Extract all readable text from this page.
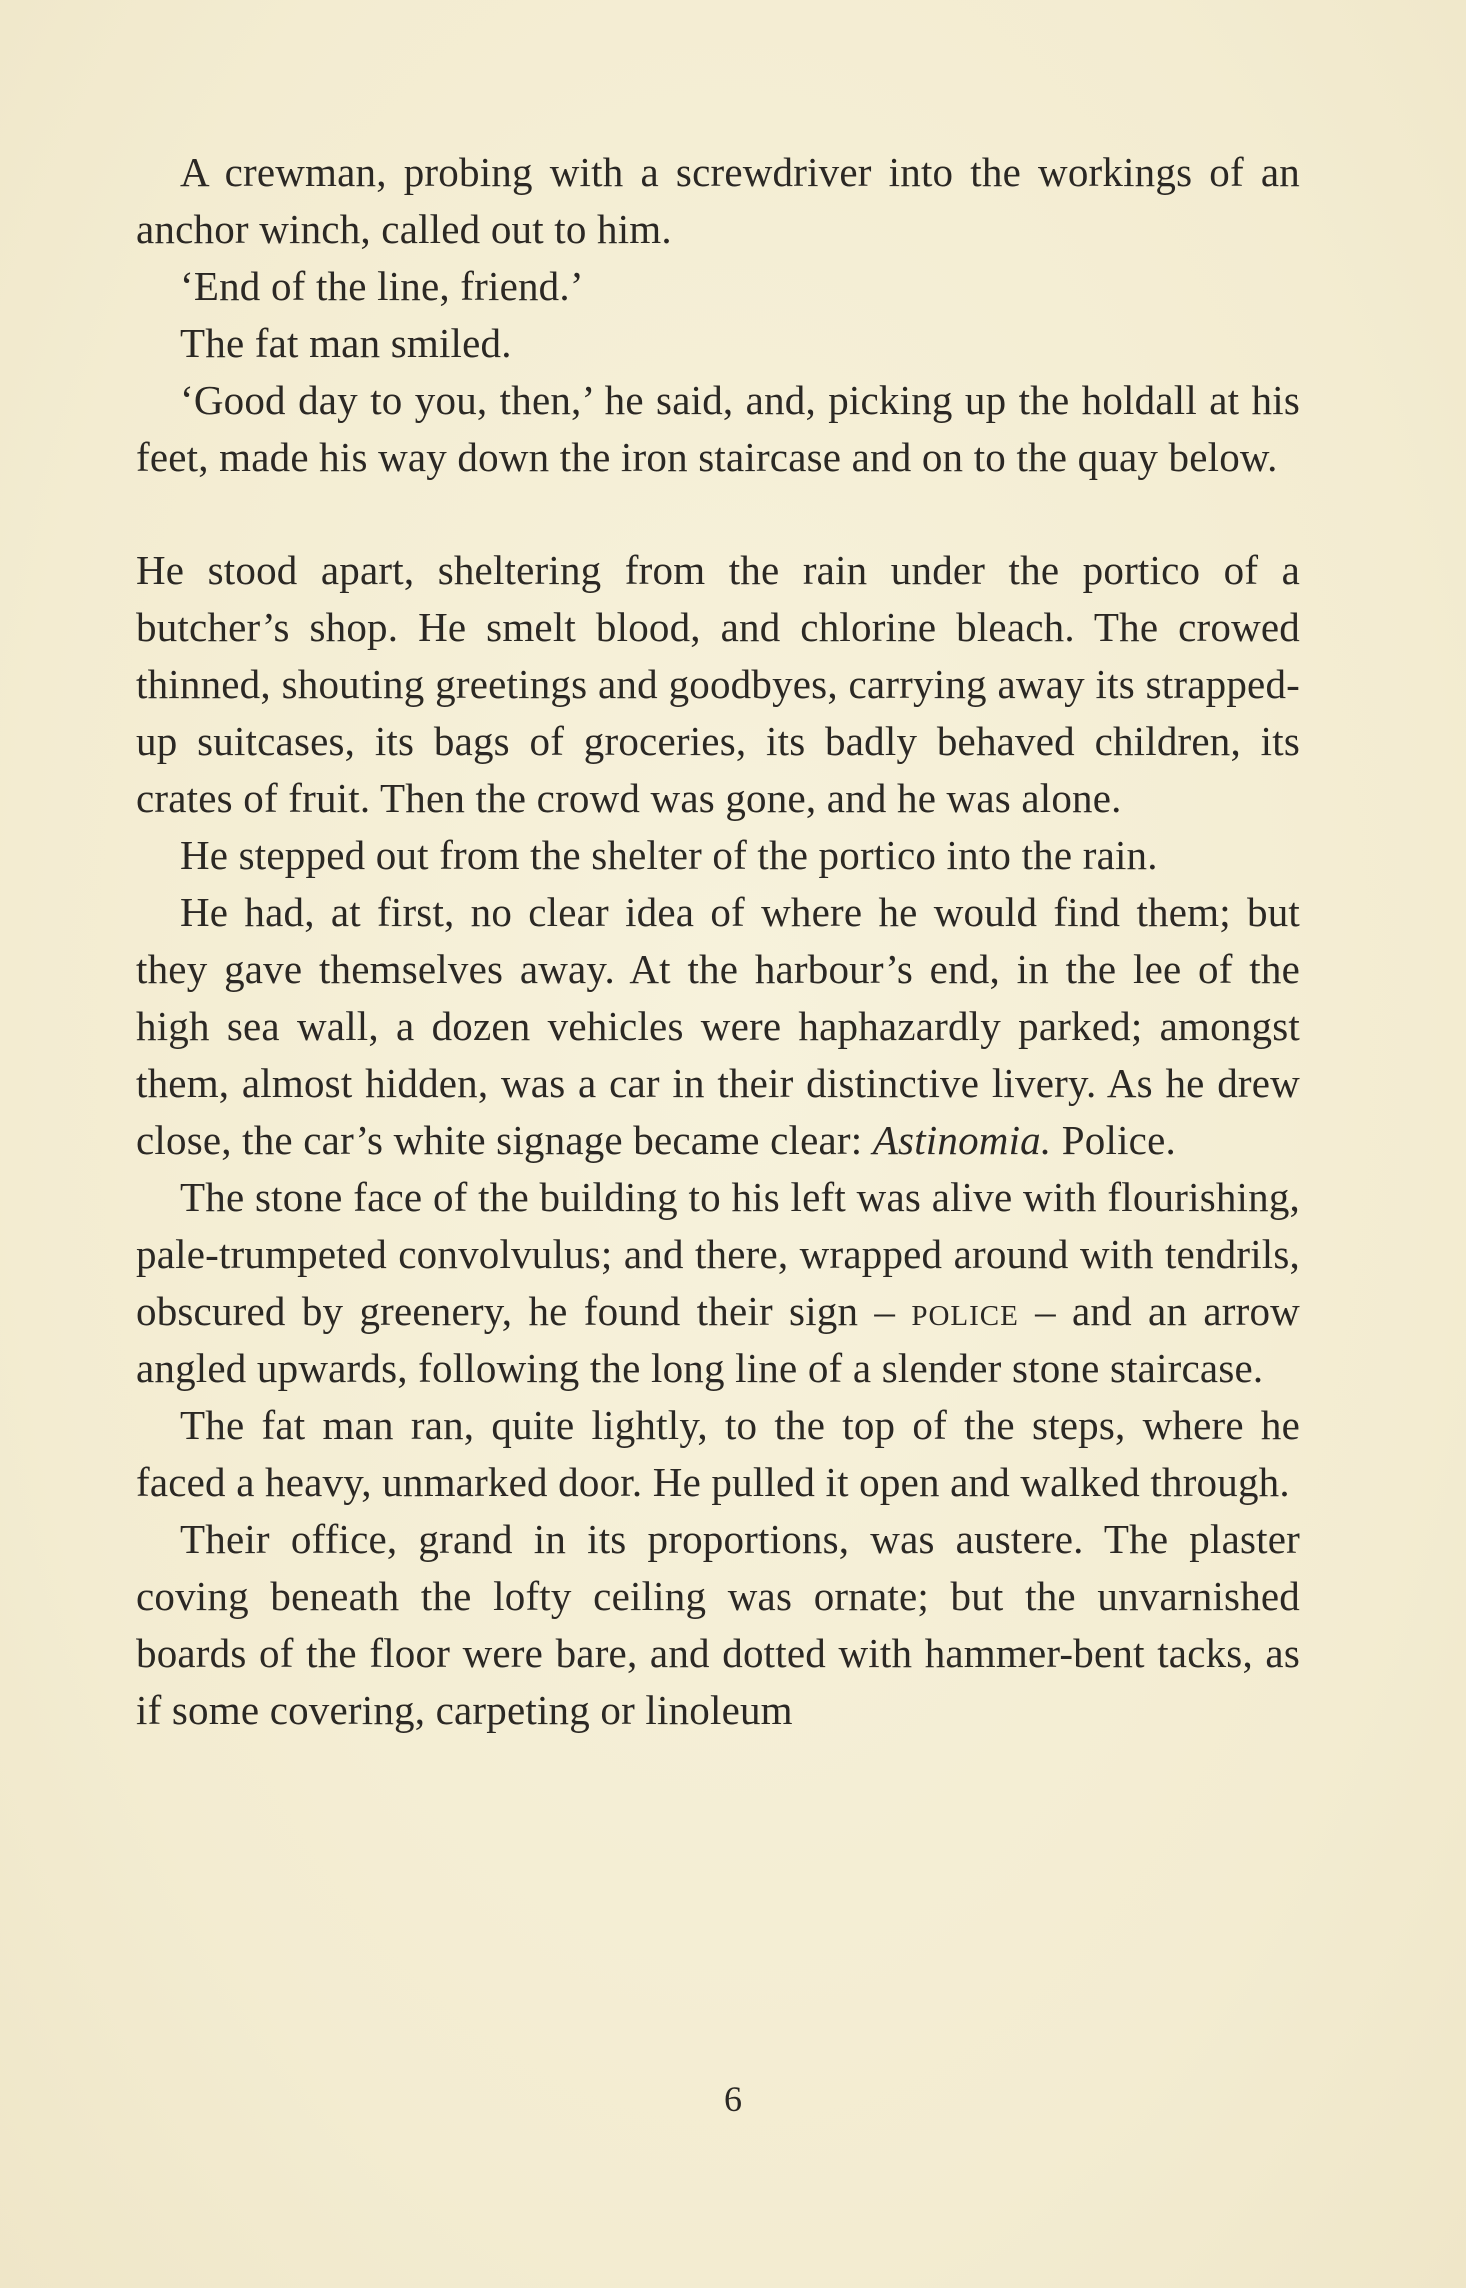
A crewman, probing with a screwdriver into the workings of an anchor winch, called out to him.

‘End of the line, friend.’

The fat man smiled.

‘Good day to you, then,’ he said, and, picking up the holdall at his feet, made his way down the iron staircase and on to the quay below.

He stood apart, sheltering from the rain under the portico of a butcher’s shop. He smelt blood, and chlorine bleach. The crowed thinned, shouting greetings and goodbyes, carrying away its strapped-up suitcases, its bags of groceries, its badly behaved children, its crates of fruit. Then the crowd was gone, and he was alone.

He stepped out from the shelter of the portico into the rain.

He had, at first, no clear idea of where he would find them; but they gave themselves away. At the harbour’s end, in the lee of the high sea wall, a dozen vehicles were haphazardly parked; amongst them, almost hidden, was a car in their distinctive livery. As he drew close, the car’s white signage became clear: Astinomia. Police.

The stone face of the building to his left was alive with flourishing, pale-trumpeted convolvulus; and there, wrapped around with tendrils, obscured by greenery, he found their sign – police – and an arrow angled upwards, following the long line of a slender stone staircase.

The fat man ran, quite lightly, to the top of the steps, where he faced a heavy, unmarked door. He pulled it open and walked through.

Their office, grand in its proportions, was austere. The plaster coving beneath the lofty ceiling was ornate; but the unvarnished boards of the floor were bare, and dotted with hammer-bent tacks, as if some covering, carpeting or linoleum

6
